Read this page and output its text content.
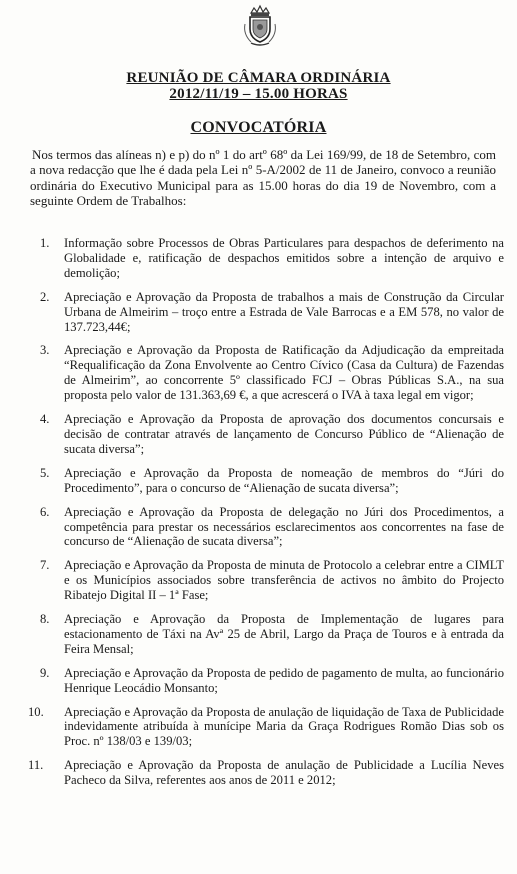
REUNIÃO DE CÂMARA ORDINÁRIA
2012/11/19 – 15.00 HORAS
CONVOCATÓRIA
Nos termos das alíneas n) e p) do nº 1 do artº 68º da Lei 169/99, de 18 de Setembro, com a nova redacção que lhe é dada pela Lei nº 5-A/2002 de 11 de Janeiro, convoco a reunião ordinária do Executivo Municipal para as 15.00 horas do dia 19 de Novembro, com a seguinte Ordem de Trabalhos:
1.	Informação sobre Processos de Obras Particulares para despachos de deferimento na Globalidade e, ratificação de despachos emitidos sobre a intenção de arquivo e demolição;
2.	Apreciação e Aprovação da Proposta de trabalhos a mais de Construção da Circular Urbana de Almeirim – troço entre a Estrada de Vale Barrocas e a EM 578, no valor de 137.723,44€;
3.	Apreciação e Aprovação da Proposta de Ratificação da Adjudicação da empreitada “Requalificação da Zona Envolvente ao Centro Cívico (Casa da Cultura) de Fazendas de Almeirim”, ao concorrente 5º classificado FCJ – Obras Públicas S.A., na sua proposta pelo valor de 131.363,69 €, a que acrescerá o IVA à taxa legal em vigor;
4.	Apreciação e Aprovação da Proposta de aprovação dos documentos concursais e decisão de contratar através de lançamento de Concurso Público de “Alienação de sucata diversa”;
5.	Apreciação e Aprovação da Proposta de nomeação de membros do “Júri do Procedimento”, para o concurso de “Alienação de sucata diversa”;
6.	Apreciação e Aprovação da Proposta de delegação no Júri dos Procedimentos, a competência para prestar os necessários esclarecimentos aos concorrentes na fase de concurso de “Alienação de sucata diversa”;
7.	Apreciação e Aprovação da Proposta de minuta de Protocolo a celebrar entre a CIMLT e os Municípios associados sobre transferência de activos no âmbito do Projecto Ribatejo Digital II – 1ª Fase;
8.	Apreciação e Aprovação da Proposta de Implementação de lugares para estacionamento de Táxi na Avª 25 de Abril, Largo da Praça de Touros e à entrada da Feira Mensal;
9.	Apreciação e Aprovação da Proposta de pedido de pagamento de multa, ao funcionário Henrique Leocádio Monsanto;
10.	Apreciação e Aprovação da Proposta de anulação de liquidação de Taxa de Publicidade indevidamente atribuída à munícipe Maria da Graça Rodrigues Romão Dias sob os Proc. nº 138/03 e 139/03;
11.	Apreciação e Aprovação da Proposta de anulação de Publicidade a Lucília Neves Pacheco da Silva, referentes aos anos de 2011 e 2012;
